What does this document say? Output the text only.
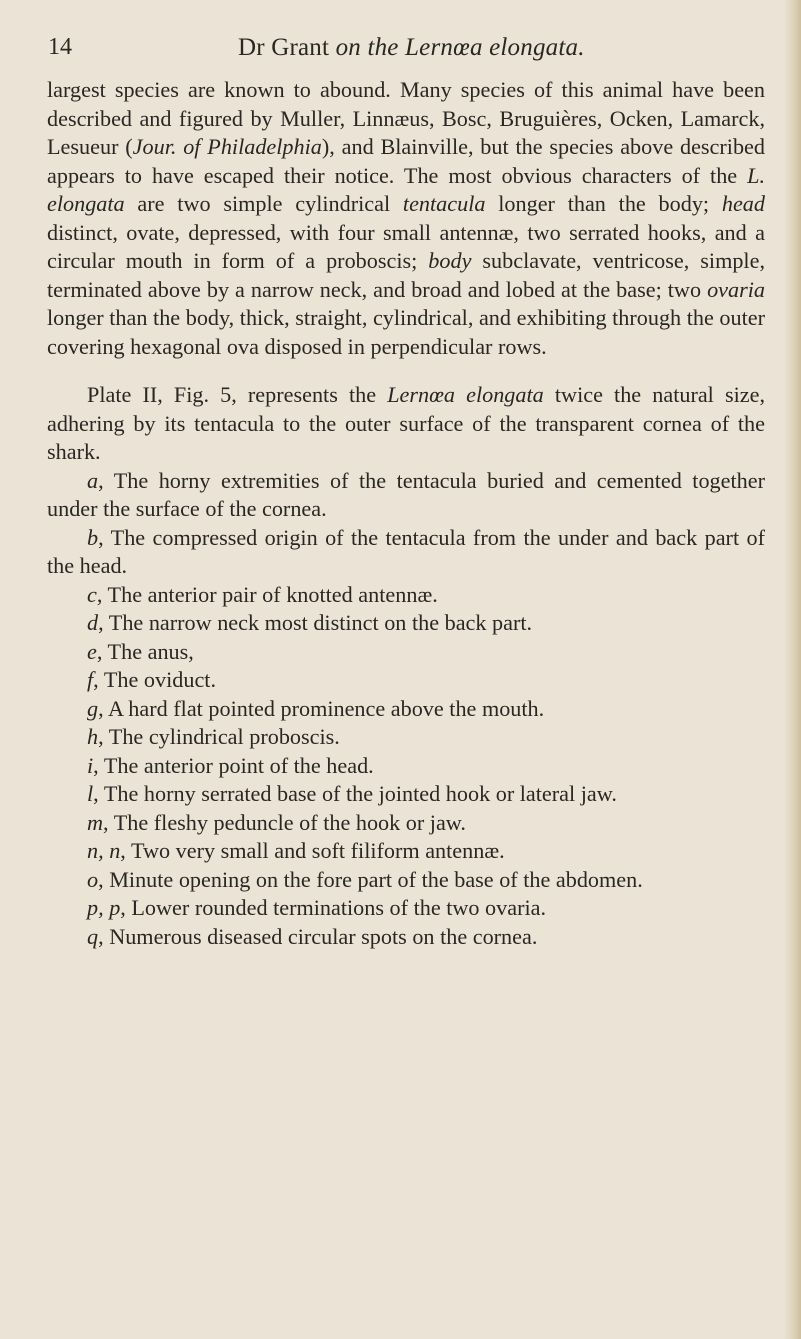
14	Dr Grant on the Lernœa elongata.

largest species are known to abound. Many species of this animal have been described and figured by Muller, Linnæus, Bosc, Bruguières, Ocken, Lamarck, Lesueur (Jour. of Philadelphia), and Blainville, but the species above described appears to have escaped their notice. The most obvious characters of the L. elongata are two simple cylindrical tentacula longer than the body; head distinct, ovate, depressed, with four small antennæ, two serrated hooks, and a circular mouth in form of a proboscis; body subclavate, ventricose, simple, terminated above by a narrow neck, and broad and lobed at the base; two ovaria longer than the body, thick, straight, cylindrical, and exhibiting through the outer covering hexagonal ova disposed in perpendicular rows.

Plate II, Fig. 5, represents the Lernœa elongata twice the natural size, adhering by its tentacula to the outer surface of the transparent cornea of the shark.

a, The horny extremities of the tentacula buried and cemented together under the surface of the cornea.
b, The compressed origin of the tentacula from the under and back part of the head.
c, The anterior pair of knotted antennæ.
d, The narrow neck most distinct on the back part.
e, The anus,
f, The oviduct.
g, A hard flat pointed prominence above the mouth.
h, The cylindrical proboscis.
i, The anterior point of the head.
l, The horny serrated base of the jointed hook or lateral jaw.
m, The fleshy peduncle of the hook or jaw.
n, n, Two very small and soft filiform antennæ.
o, Minute opening on the fore part of the base of the abdomen.
p, p, Lower rounded terminations of the two ovaria.
q, Numerous diseased circular spots on the cornea.
